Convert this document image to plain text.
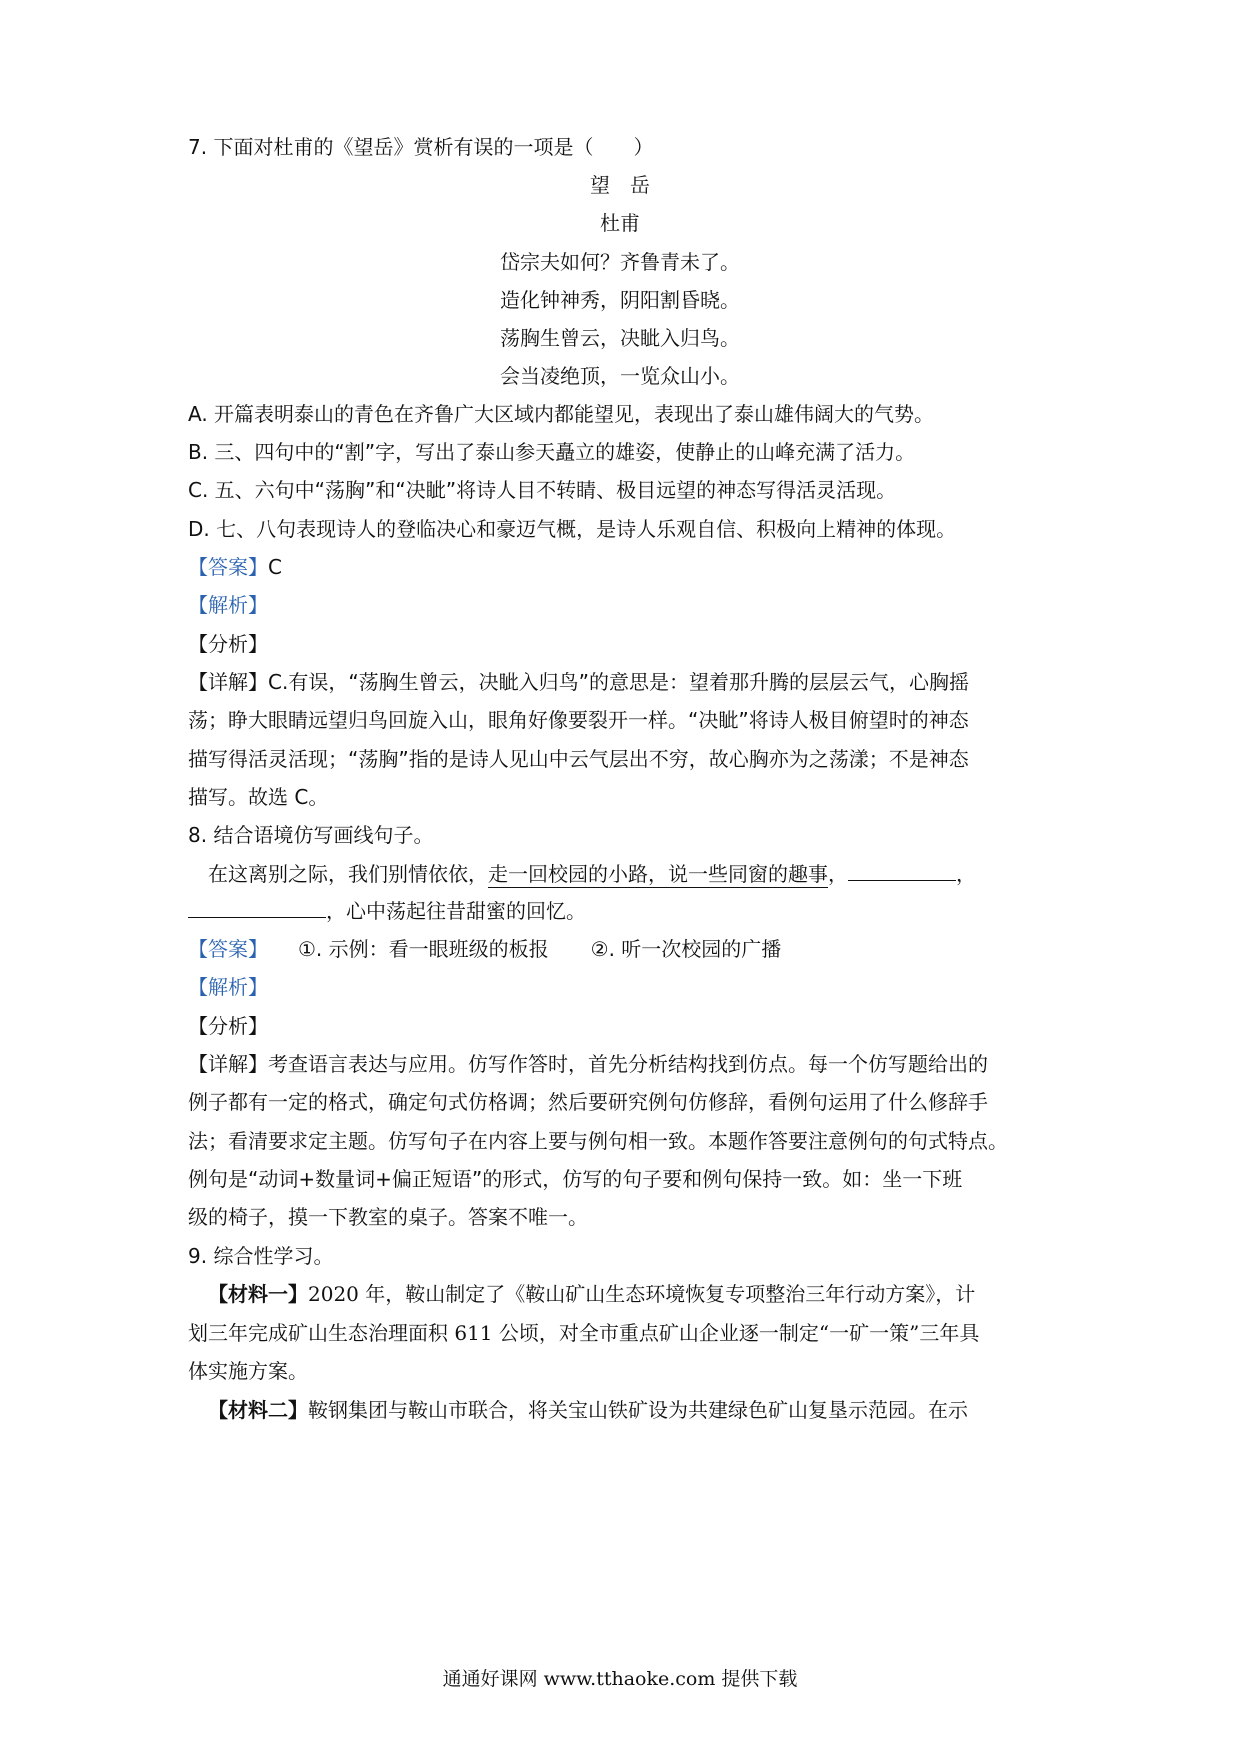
7. 下面对杜甫的《望岳》赏析有误的一项是（　　）
望　岳
杜甫
岱宗夫如何？齐鲁青未了。
造化钟神秀，阴阳割昏晓。
荡胸生曾云，决眦入归鸟。
会当凌绝顶，一览众山小。
A. 开篇表明泰山的青色在齐鲁广大区域内都能望见，表现出了泰山雄伟阔大的气势。
B. 三、四句中的“割”字，写出了泰山参天矗立的雄姿，使静止的山峰充满了活力。
C. 五、六句中“荡胸”和“决眦”将诗人目不转睛、极目远望的神态写得活灵活现。
D. 七、八句表现诗人的登临决心和豪迈气概，是诗人乐观自信、积极向上精神的体现。
【答案】C
【解析】
【分析】
【详解】C.有误，“荡胸生曾云，决眦入归鸟”的意思是：望着那升腾的层层云气，心胸摇
荡；睁大眼睛远望归鸟回旋入山，眼角好像要裂开一样。“决眦”将诗人极目俯望时的神态
描写得活灵活现；“荡胸”指的是诗人见山中云气层出不穷，故心胸亦为之荡漾；不是神态
描写。故选 C。
8. 结合语境仿写画线句子。
在这离别之际，我们别情依依，走一回校园的小路，说一些同窗的趣事，	，
，心中荡起往昔甜蜜的回忆。
【答案】 ①. 示例：看一眼班级的板报 ②. 听一次校园的广播
【解析】
【分析】
【详解】考查语言表达与应用。仿写作答时，首先分析结构找到仿点。每一个仿写题给出的
例子都有一定的格式，确定句式仿格调；然后要研究例句仿修辞，看例句运用了什么修辞手
法；看清要求定主题。仿写句子在内容上要与例句相一致。本题作答要注意例句的句式特点。
例句是“动词+数量词+偏正短语”的形式，仿写的句子要和例句保持一致。如：坐一下班
级的椅子，摸一下教室的桌子。答案不唯一。
9. 综合性学习。
【材料一】2020 年，鞍山制定了《鞍山矿山生态环境恢复专项整治三年行动方案》，计
划三年完成矿山生态治理面积 611 公顷，对全市重点矿山企业逐一制定“一矿一策”三年具
体实施方案。
【材料二】鞍钢集团与鞍山市联合，将关宝山铁矿设为共建绿色矿山复垦示范园。在示
通通好课网 www.tthaoke.com 提供下载
